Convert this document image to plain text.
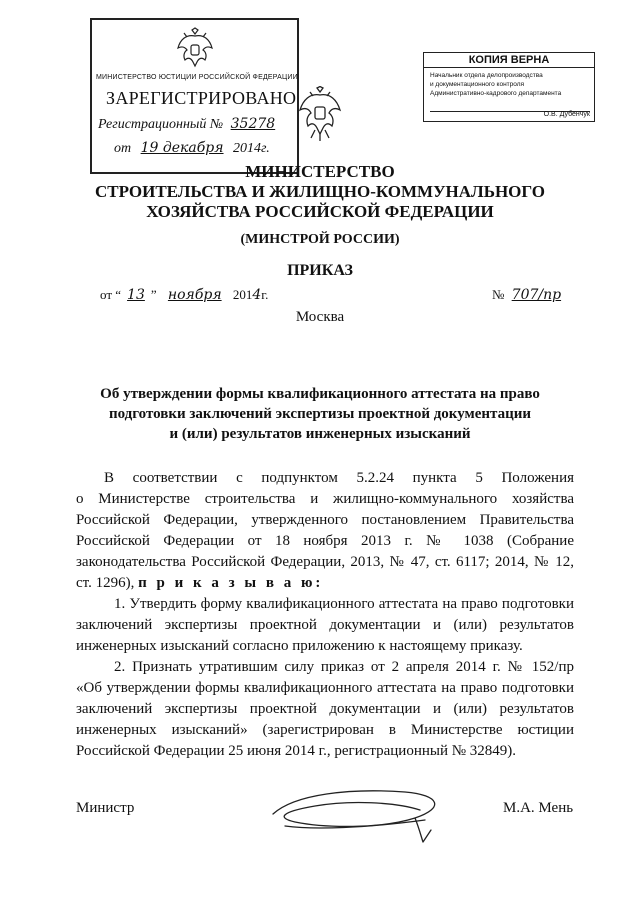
МИНИСТЕРСТВО ЮСТИЦИИ РОССИЙСКОЙ ФЕДЕРАЦИИ
ЗАРЕГИСТРИРОВАНО
Регистрационный № 35278
от 19 декабря 2014г.
КОПИЯ ВЕРНА
Начальник отдела делопроизводства
и документационного контроля
Административно-кадрового департамента
О.В. Дубенчук
МИНИСТЕРСТВО
СТРОИТЕЛЬСТВА И ЖИЛИЩНО-КОММУНАЛЬНОГО
ХОЗЯЙСТВА РОССИЙСКОЙ ФЕДЕРАЦИИ
(МИНСТРОЙ РОССИИ)
ПРИКАЗ
от “ 13 ” ноября 2014г.	№ 707/пр
Москва
Об утверждении формы квалификационного аттестата на право
подготовки заключений экспертизы проектной документации
и (или) результатов инженерных изысканий
В соответствии с подпунктом 5.2.24 пункта 5 Положения
о Министерстве строительства и жилищно-коммунального хозяйства
Российской Федерации, утвержденного постановлением Правительства
Российской Федерации от 18 ноября 2013 г. № 1038 (Собрание
законодательства Российской Федерации, 2013, № 47, ст. 6117; 2014, № 12,
ст. 1296), п р и к а з ы в а ю:
1. Утвердить форму квалификационного аттестата на право подготовки
заключений экспертизы проектной документации и (или) результатов
инженерных изысканий согласно приложению к настоящему приказу.
2. Признать утратившим силу приказ от 2 апреля 2014 г. № 152/пр
«Об утверждении формы квалификационного аттестата на право подготовки
заключений экспертизы проектной документации и (или) результатов
инженерных изысканий» (зарегистрирован в Министерстве юстиции
Российской Федерации 25 июня 2014 г., регистрационный № 32849).
Министр	М.А. Мень
